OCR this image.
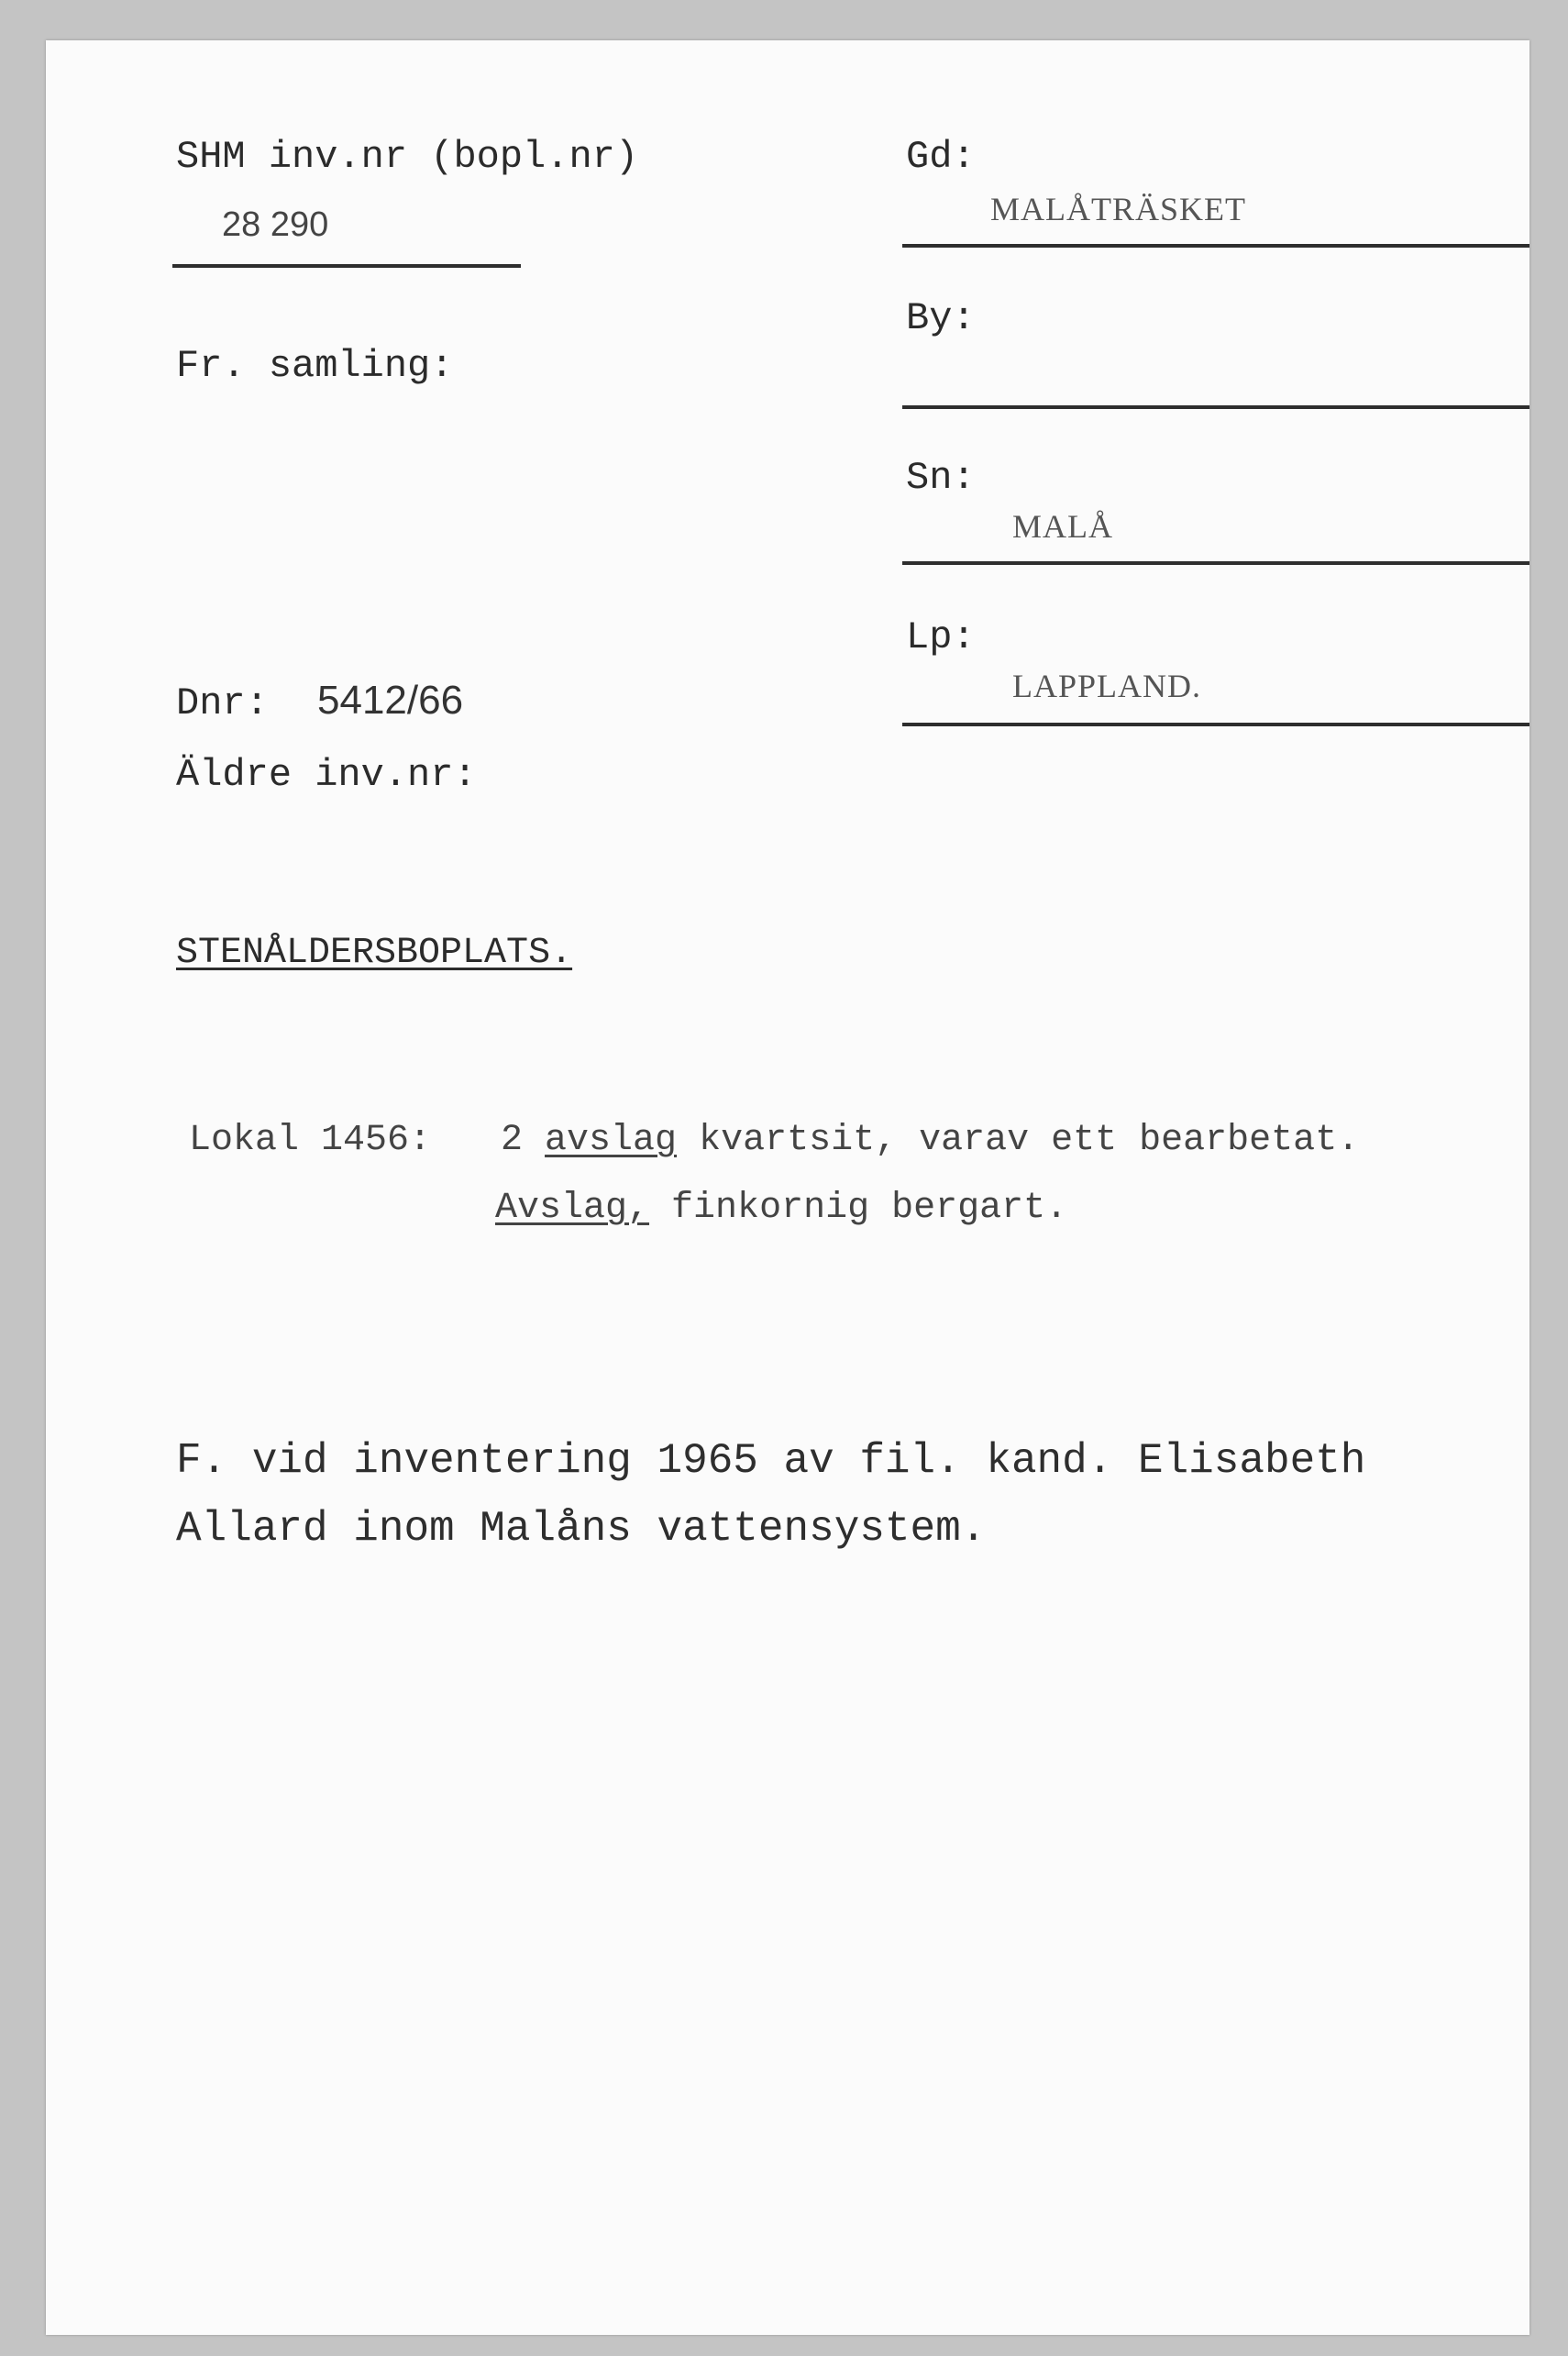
SHM inv.nr (bopl.nr)
28 290
Fr. samling:
Dnr: 5412/66
Äldre inv.nr:
Gd:
MALÅTRÄSKET
By:
Sn:
MALÅ
Lp:
LAPPLAND.
STENÅLDERSBOPLATS.
Lokal 1456: 2 avslag kvartsit, varav ett bearbetat.
Avslag, finkornig bergart.
F. vid inventering 1965 av fil. kand. Elisabeth
Allard inom Malåns vattensystem.
